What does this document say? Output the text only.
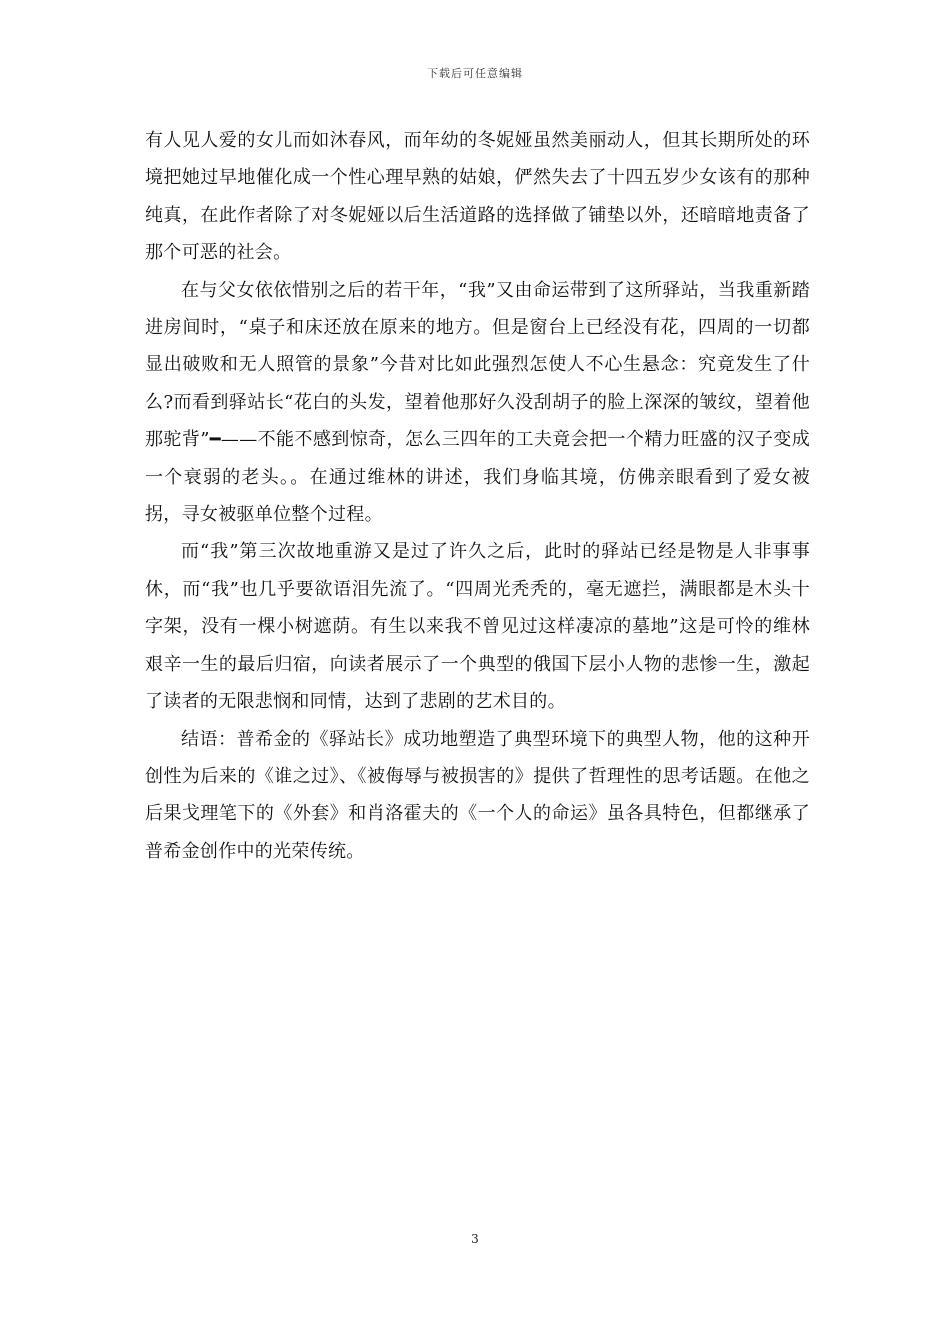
下载后可任意编辑

有人见人爱的女儿而如沐春风，而年幼的冬妮娅虽然美丽动人，但其长期所处的环境把她过早地催化成一个性心理早熟的姑娘，俨然失去了十四五岁少女该有的那种纯真，在此作者除了对冬妮娅以后生活道路的选择做了铺垫以外，还暗暗地责备了那个可恶的社会。

在与父女依依惜别之后的若干年，“我”又由命运带到了这所驿站，当我重新踏进房间时，“桌子和床还放在原来的地方。但是窗台上已经没有花，四周的一切都显出破败和无人照管的景象”今昔对比如此强烈怎使人不心生悬念：究竟发生了什么?而看到驿站长“花白的头发，望着他那好久没刮胡子的脸上深深的皱纹，望着他那驼背”━——不能不感到惊奇，怎么三四年的工夫竟会把一个精力旺盛的汉子变成一个衰弱的老头。。在通过维林的讲述，我们身临其境，仿佛亲眼看到了爱女被拐，寻女被驱单位整个过程。

而“我”第三次故地重游又是过了许久之后，此时的驿站已经是物是人非事事休，而“我”也几乎要欲语泪先流了。“四周光秃秃的，毫无遮拦，满眼都是木头十字架，没有一棵小树遮荫。有生以来我不曾见过这样凄凉的墓地”这是可怜的维林艰辛一生的最后归宿，向读者展示了一个典型的俄国下层小人物的悲惨一生，激起了读者的无限悲悯和同情，达到了悲剧的艺术目的。

结语：普希金的《驿站长》成功地塑造了典型环境下的典型人物，他的这种开创性为后来的《谁之过》、《被侮辱与被损害的》提供了哲理性的思考话题。在他之后果戈理笔下的《外套》和肖洛霍夫的《一个人的命运》虽各具特色，但都继承了普希金创作中的光荣传统。

3
